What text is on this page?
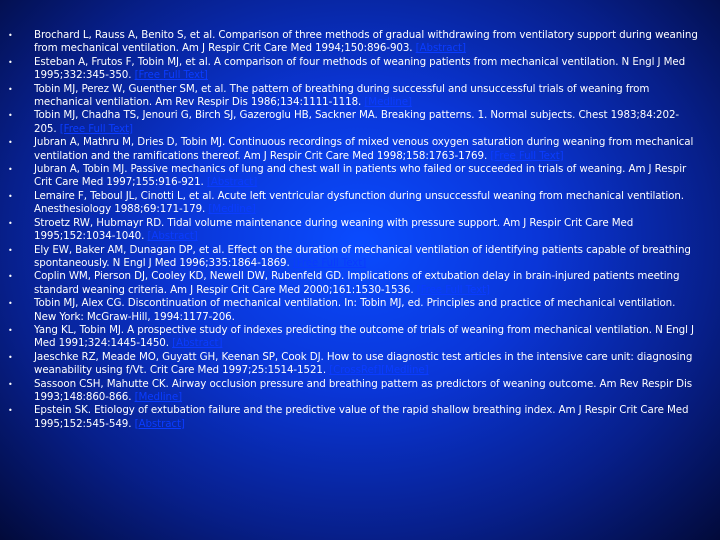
• Brochard L, Rauss A, Benito S, et al. Comparison of three methods of gradual withdrawing from ventilatory support during weaning from mechanical ventilation. Am J Respir Crit Care Med 1994;150:896-903. [Abstract]
• Esteban A, Frutos F, Tobin MJ, et al. A comparison of four methods of weaning patients from mechanical ventilation. N Engl J Med 1995;332:345-350. [Free Full Text]
• Tobin MJ, Perez W, Guenther SM, et al. The pattern of breathing during successful and unsuccessful trials of weaning from mechanical ventilation. Am Rev Respir Dis 1986;134:1111-1118. [Medline]
• Tobin MJ, Chadha TS, Jenouri G, Birch SJ, Gazeroglu HB, Sackner MA. Breaking patterns. 1. Normal subjects. Chest 1983;84:202-205. [Free Full Text]
• Jubran A, Mathru M, Dries D, Tobin MJ. Continuous recordings of mixed venous oxygen saturation during weaning from mechanical ventilation and the ramifications thereof. Am J Respir Crit Care Med 1998;158:1763-1769. [Free Full Text]
• Jubran A, Tobin MJ. Passive mechanics of lung and chest wall in patients who failed or succeeded in trials of weaning. Am J Respir Crit Care Med 1997;155:916-921. [Abstract]
• Lemaire F, Teboul JL, Cinotti L, et al. Acute left ventricular dysfunction during unsuccessful weaning from mechanical ventilation. Anesthesiology 1988;69:171-179. [Medline]
• Stroetz RW, Hubmayr RD. Tidal volume maintenance during weaning with pressure support. Am J Respir Crit Care Med 1995;152:1034-1040. [Abstract]
• Ely EW, Baker AM, Dunagan DP, et al. Effect on the duration of mechanical ventilation of identifying patients capable of breathing spontaneously. N Engl J Med 1996;335:1864-1869. [Free Full Text]
• Coplin WM, Pierson DJ, Cooley KD, Newell DW, Rubenfeld GD. Implications of extubation delay in brain-injured patients meeting standard weaning criteria. Am J Respir Crit Care Med 2000;161:1530-1536. [Free Full Text]
• Tobin MJ, Alex CG. Discontinuation of mechanical ventilation. In: Tobin MJ, ed. Principles and practice of mechanical ventilation. New York: McGraw-Hill, 1994:1177-206.
• Yang KL, Tobin MJ. A prospective study of indexes predicting the outcome of trials of weaning from mechanical ventilation. N Engl J Med 1991;324:1445-1450. [Abstract]
• Jaeschke RZ, Meade MO, Guyatt GH, Keenan SP, Cook DJ. How to use diagnostic test articles in the intensive care unit: diagnosing weanability using f/Vt. Crit Care Med 1997;25:1514-1521. [CrossRef][Medline]
• Sassoon CSH, Mahutte CK. Airway occlusion pressure and breathing pattern as predictors of weaning outcome. Am Rev Respir Dis 1993;148:860-866. [Medline]
• Epstein SK. Etiology of extubation failure and the predictive value of the rapid shallow breathing index. Am J Respir Crit Care Med 1995;152:545-549. [Abstract]
